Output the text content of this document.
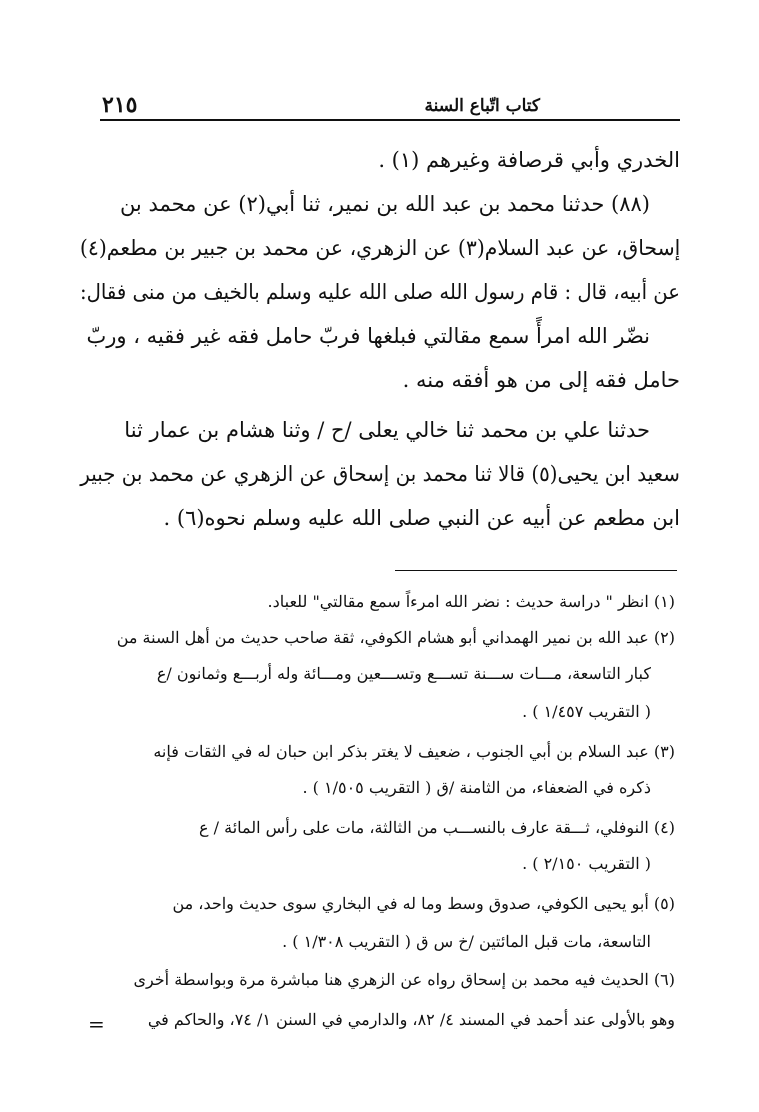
كتاب اتّباع السنة
٢١٥
الخدري وأبي قرصافة وغيرهم (١) .
(٨٨) حدثنا محمد بن عبد الله بن نمير، ثنا أبي(٢) عن محمد بن
إسحاق، عن عبد السلام(٣) عن الزهري، عن محمد بن جبير بن مطعم(٤)
عن أبيه، قال : قام رسول الله صلى الله عليه وسلم بالخيف من منى فقال:
نضّر الله امرأً سمع مقالتي فبلغها فربّ حامل فقه غير فقيه ، وربّ
حامل فقه إلى من هو أفقه منه .
حدثنا علي بن محمد ثنا خالي يعلى /ح / وثنا هشام بن عمار ثنا
سعيد ابن يحيى(٥) قالا ثنا محمد بن إسحاق عن الزهري عن محمد بن جبير
ابن مطعم عن أبيه عن النبي صلى الله عليه وسلم نحوه(٦) .
(١) انظر " دراسة حديث : نضر الله امرءاً سمع مقالتي" للعباد.
(٢) عبد الله بن نمير الهمداني أبو هشام الكوفي، ثقة صاحب حديث من أهل السنة من
كبار التاسعة، مـــات ســـنة تســـع وتســـعين ومـــائة وله أربـــع وثمانون /ع
( التقريب ١/٤٥٧ ) .
(٣) عبد السلام بن أبي الجنوب ، ضعيف لا يغتر بذكر ابن حبان له في الثقات فإنه
ذكره في الضعفاء، من الثامنة /ق ( التقريب ١/٥٠٥ ) .
(٤) النوفلي، ثـــقة عارف بالنســـب من الثالثة، مات على رأس المائة / ع
( التقريب ٢/١٥٠ ) .
(٥) أبو يحيى الكوفي، صدوق وسط وما له في البخاري سوى حديث واحد، من
التاسعة، مات قبل المائتين /خ س ق ( التقريب ١/٣٠٨ ) .
(٦) الحديث فيه محمد بن إسحاق رواه عن الزهري هنا مباشرة مرة وبواسطة أخرى
وهو بالأولى عند أحمد في المسند ٤/ ٨٢، والدارمي في السنن ١/ ٧٤، والحاكم في
=
